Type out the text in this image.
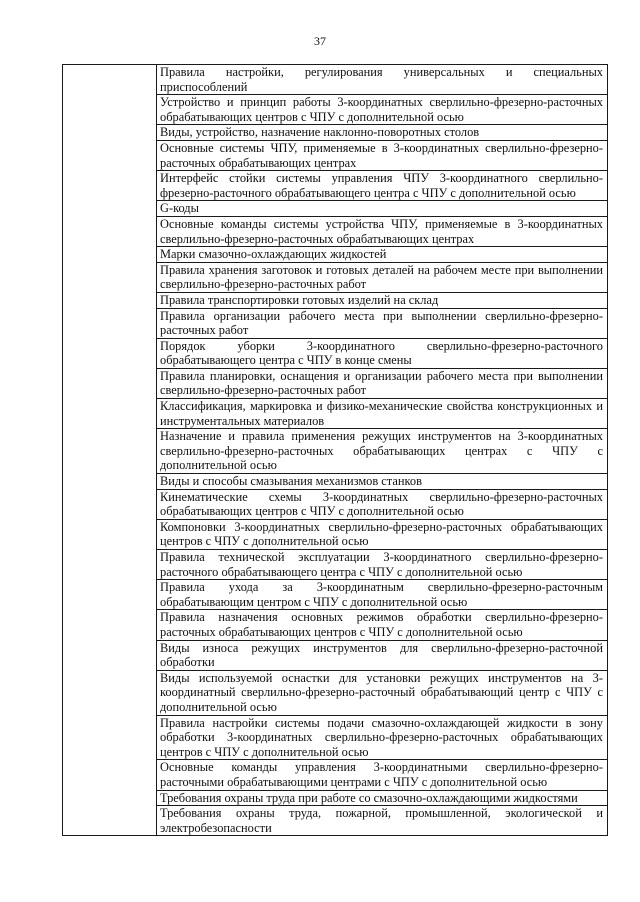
37

Правила настройки, регулирования универсальных и специальных приспособлений

Устройство и принцип работы 3-координатных сверлильно-фрезерно-расточных обрабатывающих центров с ЧПУ с дополнительной осью

Виды, устройство, назначение наклонно-поворотных столов

Основные системы ЧПУ, применяемые в 3-координатных сверлильно-фрезерно-расточных обрабатывающих центрах

Интерфейс стойки системы управления ЧПУ 3-координатного сверлильно-фрезерно-расточного обрабатывающего центра с ЧПУ с дополнительной осью

G-коды

Основные команды системы устройства ЧПУ, применяемые в 3-координатных сверлильно-фрезерно-расточных обрабатывающих центрах

Марки смазочно-охлаждающих жидкостей

Правила хранения заготовок и готовых деталей на рабочем месте при выполнении сверлильно-фрезерно-расточных работ

Правила транспортировки готовых изделий на склад

Правила организации рабочего места при выполнении сверлильно-фрезерно-расточных работ

Порядок уборки 3-координатного сверлильно-фрезерно-расточного обрабатывающего центра с ЧПУ в конце смены

Правила планировки, оснащения и организации рабочего места при выполнении сверлильно-фрезерно-расточных работ

Классификация, маркировка и физико-механические свойства конструкционных и инструментальных материалов

Назначение и правила применения режущих инструментов на 3-координатных сверлильно-фрезерно-расточных обрабатывающих центрах с ЧПУ с дополнительной осью

Виды и способы смазывания механизмов станков

Кинематические схемы 3-координатных сверлильно-фрезерно-расточных обрабатывающих центров с ЧПУ с дополнительной осью

Компоновки 3-координатных сверлильно-фрезерно-расточных обрабатывающих центров с ЧПУ с дополнительной осью

Правила технической эксплуатации 3-координатного сверлильно-фрезерно-расточного обрабатывающего центра с ЧПУ с дополнительной осью

Правила ухода за 3-координатным сверлильно-фрезерно-расточным обрабатывающим центром с ЧПУ с дополнительной осью

Правила назначения основных режимов обработки сверлильно-фрезерно-расточных обрабатывающих центров с ЧПУ с дополнительной осью

Виды износа режущих инструментов для сверлильно-фрезерно-расточной обработки

Виды используемой оснастки для установки режущих инструментов на 3-координатный сверлильно-фрезерно-расточный обрабатывающий центр с ЧПУ с дополнительной осью

Правила настройки системы подачи смазочно-охлаждающей жидкости в зону обработки 3-координатных сверлильно-фрезерно-расточных обрабатывающих центров с ЧПУ с дополнительной осью

Основные команды управления 3-координатными сверлильно-фрезерно-расточными обрабатывающими центрами с ЧПУ с дополнительной осью

Требования охраны труда при работе со смазочно-охлаждающими жидкостями

Требования охраны труда, пожарной, промышленной, экологической и электробезопасности
